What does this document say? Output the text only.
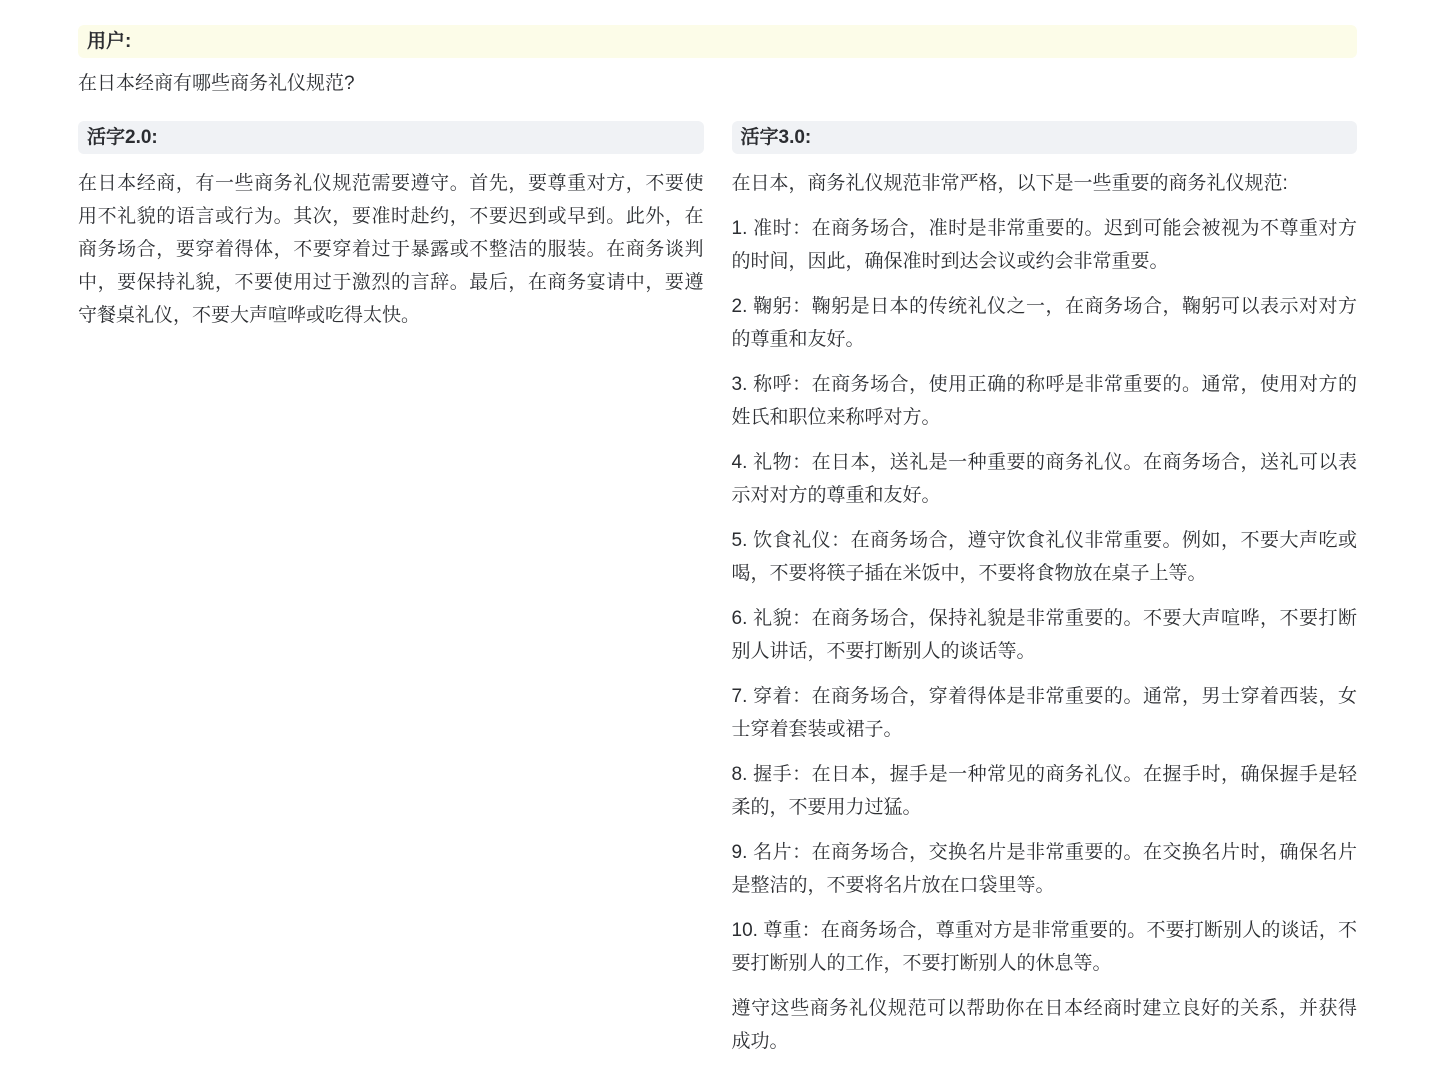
用户:
在日本经商有哪些商务礼仪规范?
活字2.0:

在日本经商，有一些商务礼仪规范需要遵守。首先，要尊重对方，不要使用不礼貌的语言或行为。其次，要准时赴约，不要迟到或早到。此外，在商务场合，要穿着得体，不要穿着过于暴露或不整洁的服装。在商务谈判中，要保持礼貌，不要使用过于激烈的言辞。最后，在商务宴请中，要遵守餐桌礼仪，不要大声喧哗或吃得太快。

活字3.0:

在日本，商务礼仪规范非常严格，以下是一些重要的商务礼仪规范:

1. 准时：在商务场合，准时是非常重要的。迟到可能会被视为不尊重对方的时间，因此，确保准时到达会议或约会非常重要。

2. 鞠躬：鞠躬是日本的传统礼仪之一，在商务场合，鞠躬可以表示对对方的尊重和友好。

3. 称呼：在商务场合，使用正确的称呼是非常重要的。通常，使用对方的姓氏和职位来称呼对方。

4. 礼物：在日本，送礼是一种重要的商务礼仪。在商务场合，送礼可以表示对对方的尊重和友好。

5. 饮食礼仪：在商务场合，遵守饮食礼仪非常重要。例如，不要大声吃或喝，不要将筷子插在米饭中，不要将食物放在桌子上等。

6. 礼貌：在商务场合，保持礼貌是非常重要的。不要大声喧哗，不要打断别人讲话，不要打断别人的谈话等。

7. 穿着：在商务场合，穿着得体是非常重要的。通常，男士穿着西装，女士穿着套装或裙子。

8. 握手：在日本，握手是一种常见的商务礼仪。在握手时，确保握手是轻柔的，不要用力过猛。

9. 名片：在商务场合，交换名片是非常重要的。在交换名片时，确保名片是整洁的，不要将名片放在口袋里等。

10. 尊重：在商务场合，尊重对方是非常重要的。不要打断别人的谈话，不要打断别人的工作，不要打断别人的休息等。

遵守这些商务礼仪规范可以帮助你在日本经商时建立良好的关系，并获得成功。
